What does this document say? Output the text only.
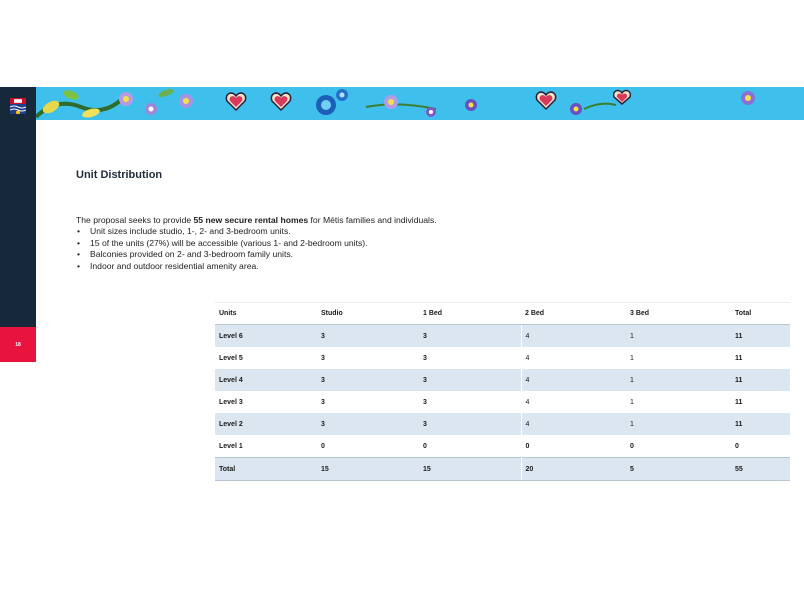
18
Unit Distribution

The proposal seeks to provide 55 new secure rental homes for Métis families and individuals.

• Unit sizes include studio, 1-, 2- and 3-bedroom units.
• 15 of the units (27%) will be accessible (various 1- and 2-bedroom units).
• Balconies provided on 2- and 3-bedroom family units.
• Indoor and outdoor residential amenity area.
Units	Studio	1 Bed	2 Bed	3 Bed	Total
Level 6	3	3	4	1	11
Level 5	3	3	4	1	11
Level 4	3	3	4	1	11
Level 3	3	3	4	1	11
Level 2	3	3	4	1	11
Level 1	0	0	0	0	0
Total	15	15	20	5	55
